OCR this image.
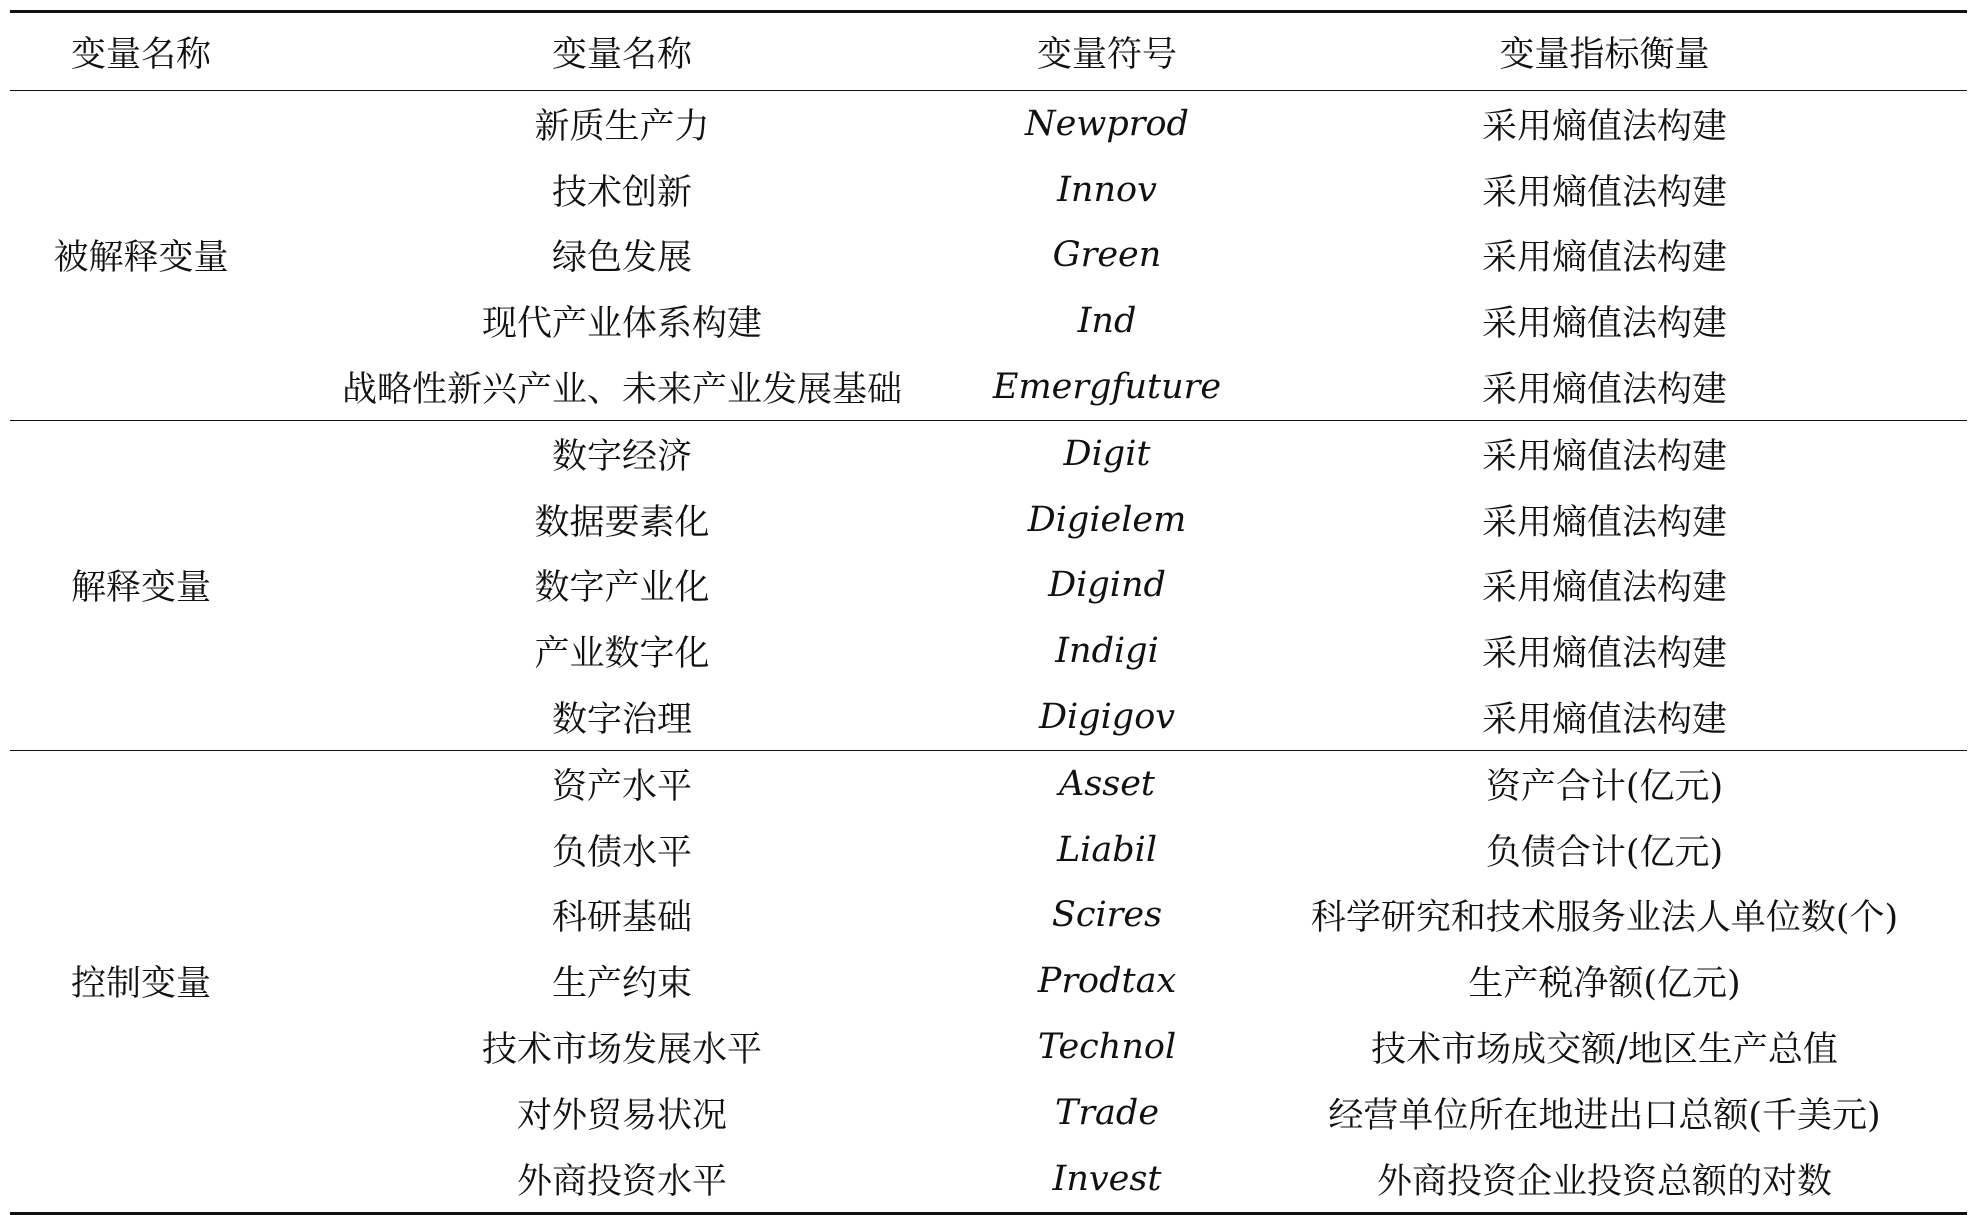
变量名称	变量名称	变量符号	变量指标衡量
被解释变量
新质生产力	Newprod	采用熵值法构建
技术创新	Innov	采用熵值法构建
绿色发展	Green	采用熵值法构建
现代产业体系构建	Ind	采用熵值法构建
战略性新兴产业、未来产业发展基础	Emergfuture	采用熵值法构建
解释变量
数字经济	Digit	采用熵值法构建
数据要素化	Digielem	采用熵值法构建
数字产业化	Digind	采用熵值法构建
产业数字化	Indigi	采用熵值法构建
数字治理	Digigov	采用熵值法构建
控制变量
资产水平	Asset	资产合计(亿元)
负债水平	Liabil	负债合计(亿元)
科研基础	Scires	科学研究和技术服务业法人单位数(个)
生产约束	Prodtax	生产税净额(亿元)
技术市场发展水平	Technol	技术市场成交额/地区生产总值
对外贸易状况	Trade	经营单位所在地进出口总额(千美元)
外商投资水平	Invest	外商投资企业投资总额的对数
